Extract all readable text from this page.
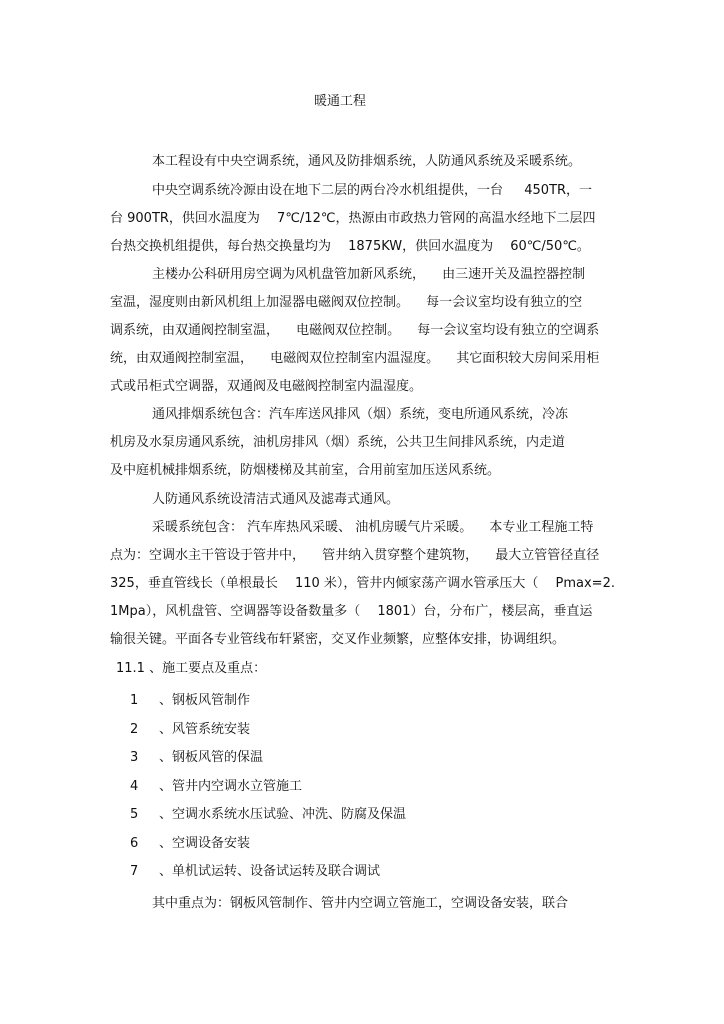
暖通工程
本工程设有中央空调系统，通风及防排烟系统，人防通风系统及采暖系统。
中央空调系统冷源由设在地下二层的两台冷水机组提供，一台 　 450TR，一
台 900TR，供回水温度为 　7℃/12℃，热源由市政热力管网的高温水经地下二层四
台热交换机组提供，每台热交换量均为 　1875KW，供回水温度为 　60℃/50℃。
主楼办公科研用房空调为风机盘管加新风系统， 　由三速开关及温控器控制
室温，湿度则由新风机组上加湿器电磁阀双位控制。 　每一会议室均设有独立的空
调系统，由双通阀控制室温， 　电磁阀双位控制。 　每一会议室均设有独立的空调系
统，由双通阀控制室温， 　电磁阀双位控制室内温湿度。 　其它面积较大房间采用柜
式或吊柜式空调器，双通阀及电磁阀控制室内温湿度。
通风排烟系统包含：汽车库送风排风（烟）系统，变电所通风系统，冷冻
机房及水泵房通风系统，油机房排风（烟）系统，公共卫生间排风系统，内走道
及中庭机械排烟系统，防烟楼梯及其前室，合用前室加压送风系统。
人防通风系统设清洁式通风及滤毒式通风。
采暖系统包含： 汽车库热风采暖、 油机房暖气片采暖。 　本专业工程施工特
点为：空调水主干管设于管井中， 　管井纳入贯穿整个建筑物， 　最大立管管径直径
325，垂直管线长（单根最长 　110 米），管井内倾家荡产调水管承压大（ 　Pmax=2.
1Mpa），风机盘管、空调器等设备数量多（ 　1801）台，分布广，楼层高，垂直运
输很关键。平面各专业管线布轩紧密，交叉作业频繁，应整体安排，协调组织。
11.1 、施工要点及重点：
1 、钢板风管制作
2 、风管系统安装
3 、钢板风管的保温
4 、管井内空调水立管施工
5 、空调水系统水压试验、冲洗、防腐及保温
6 、空调设备安装
7 、单机试运转、设备试运转及联合调试
其中重点为：钢板风管制作、管井内空调立管施工，空调设备安装，联合
